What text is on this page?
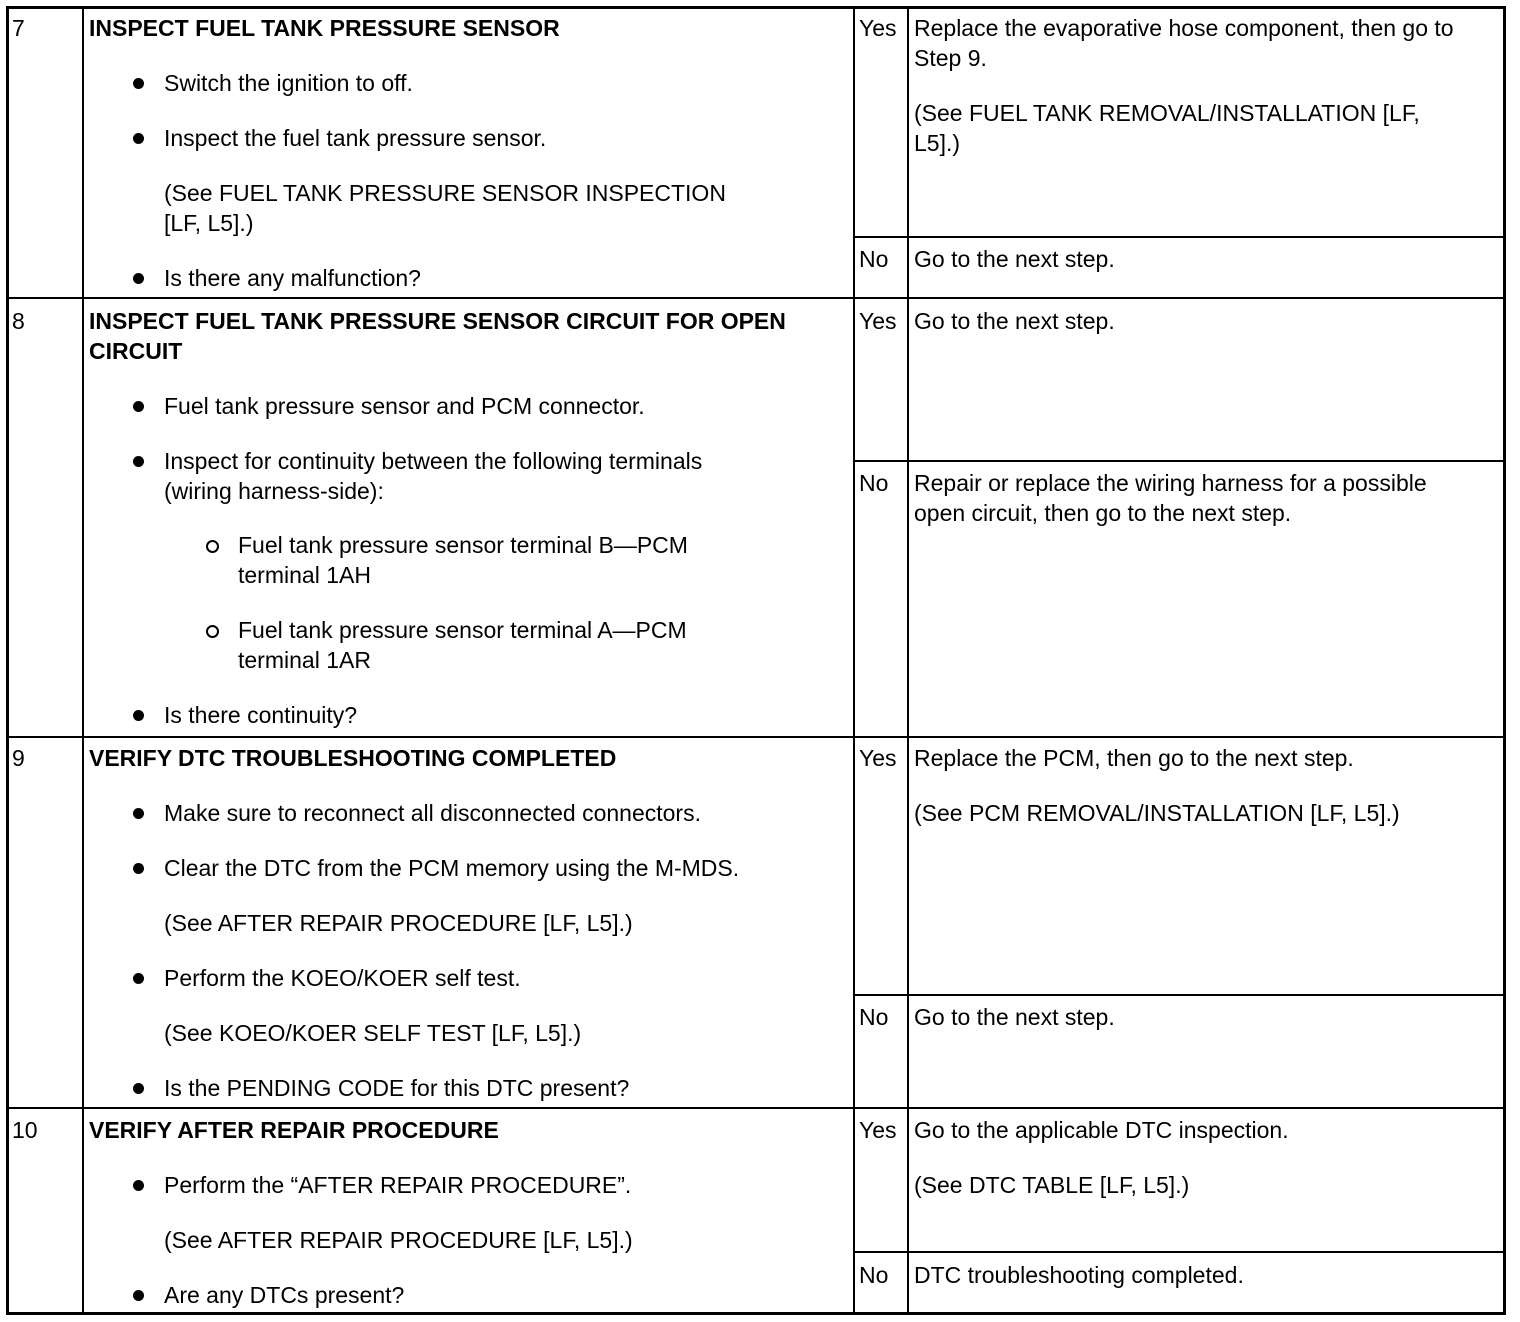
7	INSPECT FUEL TANK PRESSURE SENSOR
Switch the ignition to off.
Inspect the fuel tank pressure sensor.
(See FUEL TANK PRESSURE SENSOR INSPECTION
[LF, L5].)
Is there any malfunction?
Yes Replace the evaporative hose component, then go to
Step 9.
(See FUEL TANK REMOVAL/INSTALLATION [LF,
L5].)
No Go to the next step.
8	INSPECT FUEL TANK PRESSURE SENSOR CIRCUIT FOR OPEN
CIRCUIT
Fuel tank pressure sensor and PCM connector.
Inspect for continuity between the following terminals
(wiring harness-side):
Fuel tank pressure sensor terminal B—PCM
terminal 1AH
Fuel tank pressure sensor terminal A—PCM
terminal 1AR
Is there continuity?
Yes Go to the next step.
No Repair or replace the wiring harness for a possible
open circuit, then go to the next step.
9	VERIFY DTC TROUBLESHOOTING COMPLETED
Make sure to reconnect all disconnected connectors.
Clear the DTC from the PCM memory using the M-MDS.
(See AFTER REPAIR PROCEDURE [LF, L5].)
Perform the KOEO/KOER self test.
(See KOEO/KOER SELF TEST [LF, L5].)
Is the PENDING CODE for this DTC present?
Yes Replace the PCM, then go to the next step.
(See PCM REMOVAL/INSTALLATION [LF, L5].)
No Go to the next step.
10 VERIFY AFTER REPAIR PROCEDURE
Perform the “AFTER REPAIR PROCEDURE”.
(See AFTER REPAIR PROCEDURE [LF, L5].)
Are any DTCs present?
Yes Go to the applicable DTC inspection.
(See DTC TABLE [LF, L5].)
No DTC troubleshooting completed.
